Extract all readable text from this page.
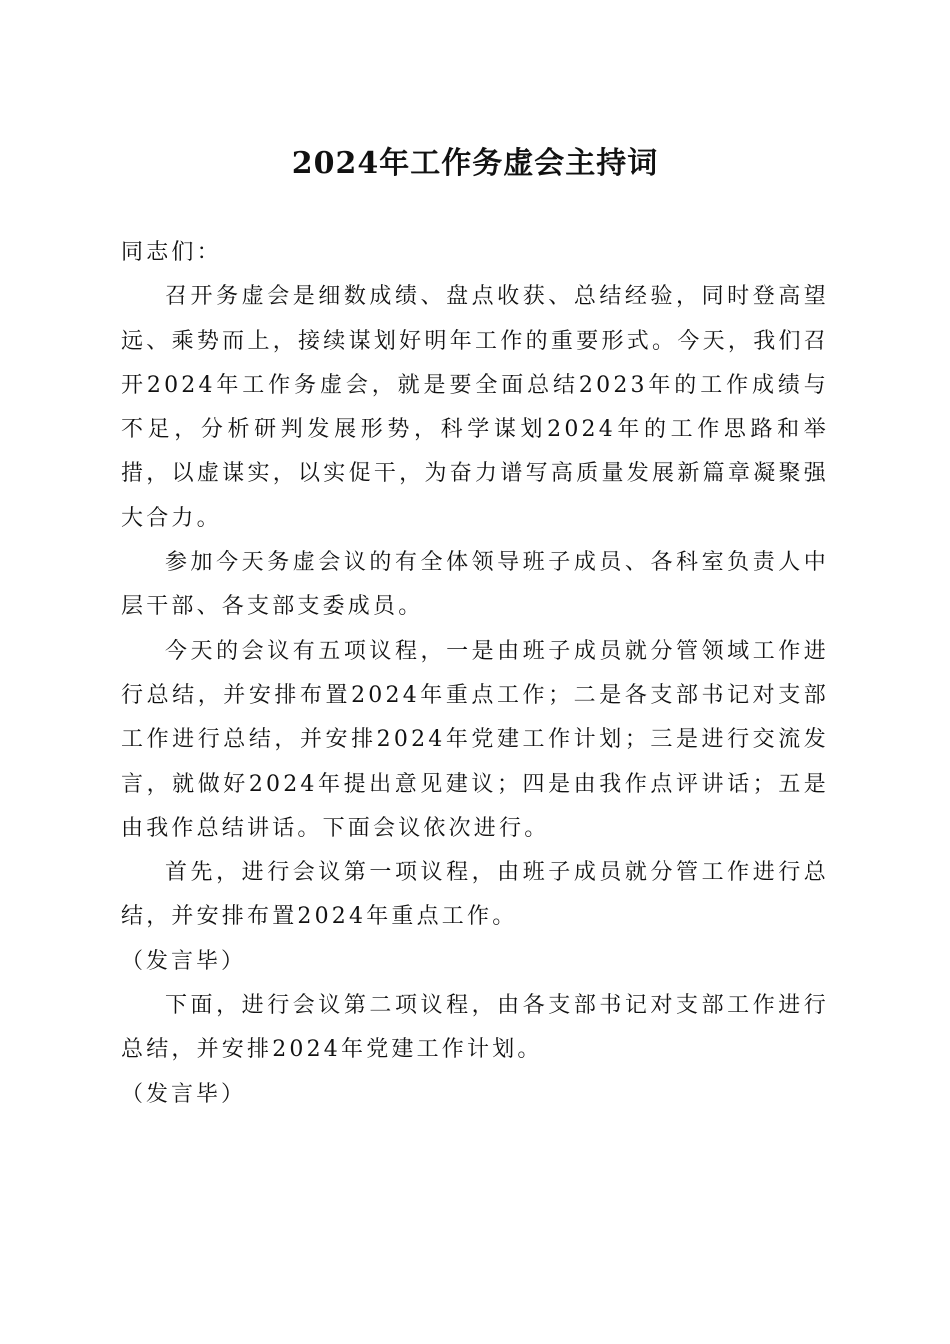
2024年工作务虚会主持词

同志们：

召开务虚会是细数成绩、盘点收获、总结经验，同时登高望远、乘势而上，接续谋划好明年工作的重要形式。今天，我们召开2024年工作务虚会，就是要全面总结2023年的工作成绩与不足，分析研判发展形势，科学谋划2024年的工作思路和举措，以虚谋实，以实促干，为奋力谱写高质量发展新篇章凝聚强大合力。

参加今天务虚会议的有全体领导班子成员、各科室负责人中层干部、各支部支委成员。

今天的会议有五项议程，一是由班子成员就分管领域工作进行总结，并安排布置2024年重点工作；二是各支部书记对支部工作进行总结，并安排2024年党建工作计划；三是进行交流发言，就做好2024年提出意见建议；四是由我作点评讲话；五是由我作总结讲话。下面会议依次进行。

首先，进行会议第一项议程，由班子成员就分管工作进行总结，并安排布置2024年重点工作。

（发言毕）

下面，进行会议第二项议程，由各支部书记对支部工作进行总结，并安排2024年党建工作计划。

（发言毕）
